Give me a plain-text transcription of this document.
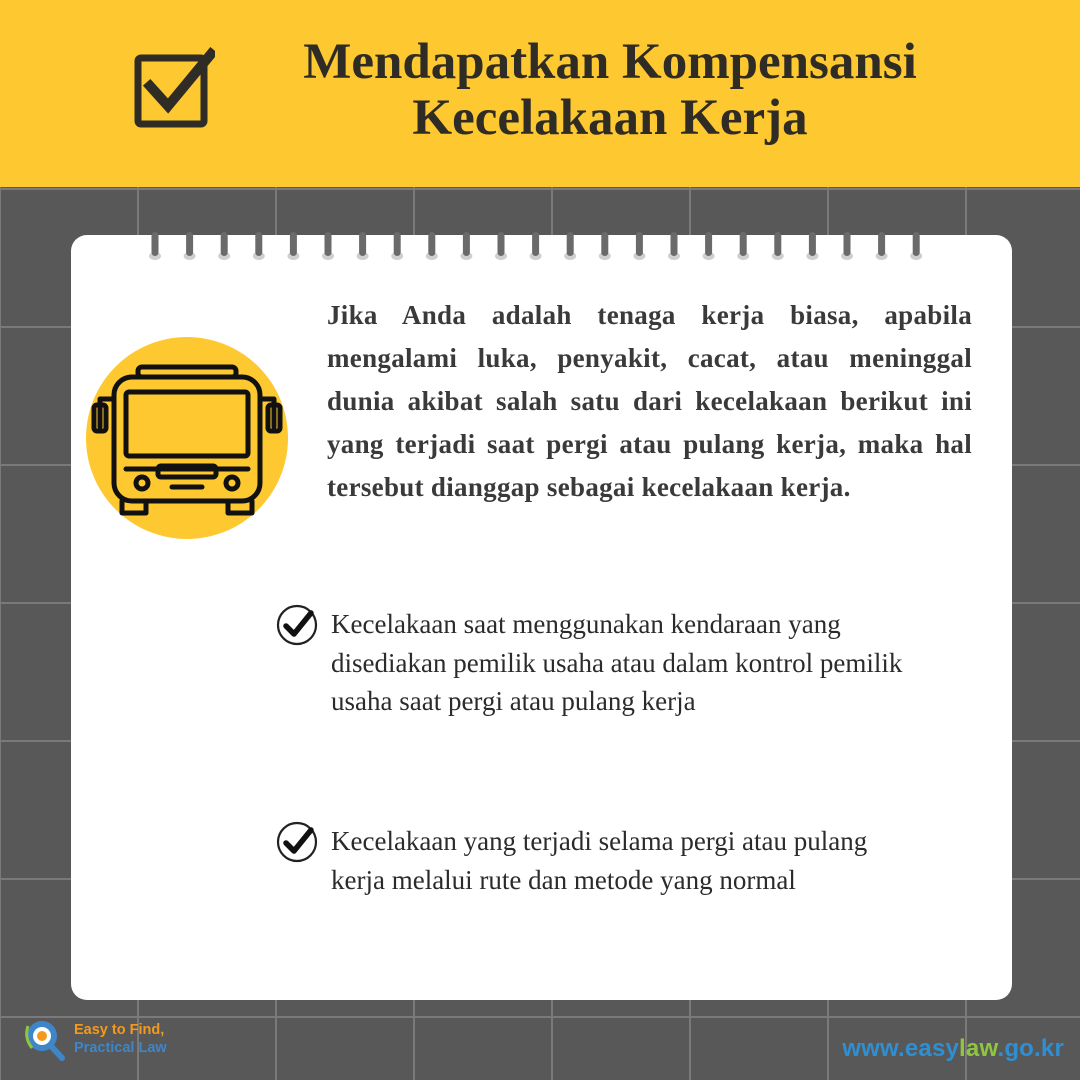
Mendapatkan Kompensansi
Kecelakaan Kerja

Jika Anda adalah tenaga kerja biasa, apabila mengalami luka, penyakit, cacat, atau meninggal dunia akibat salah satu dari kecelakaan berikut ini yang terjadi saat pergi atau pulang kerja, maka hal tersebut dianggap sebagai kecelakaan kerja.

Kecelakaan saat menggunakan kendaraan yang disediakan pemilik usaha atau dalam kontrol pemilik usaha saat pergi atau pulang kerja

Kecelakaan yang terjadi selama pergi atau pulang kerja melalui rute dan metode yang normal

Easy to Find,
Practical Law	www.easylaw.go.kr
